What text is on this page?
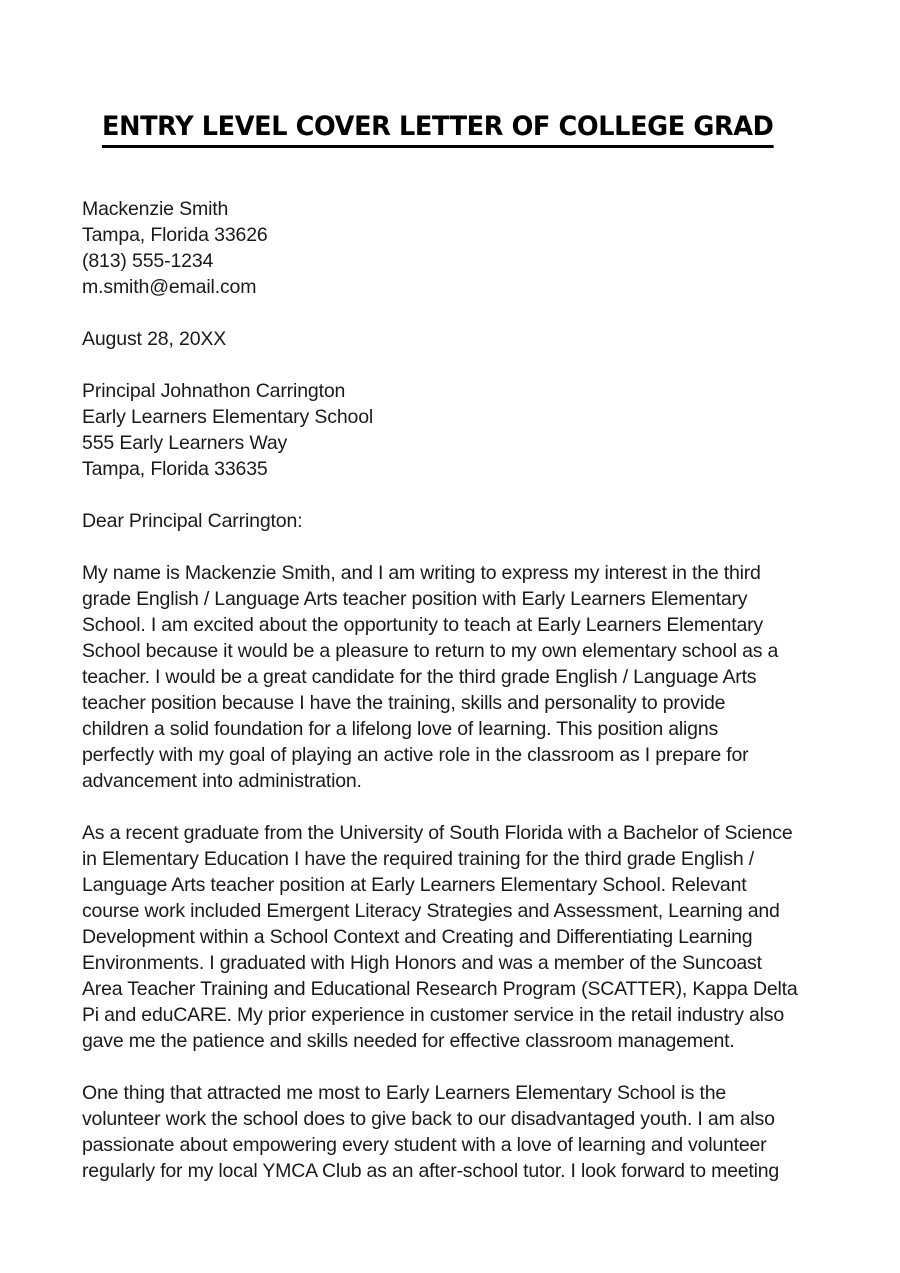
ENTRY LEVEL COVER LETTER OF COLLEGE GRAD
Mackenzie Smith
Tampa, Florida 33626
(813) 555-1234
m.smith@email.com
August 28, 20XX
Principal Johnathon Carrington
Early Learners Elementary School
555 Early Learners Way
Tampa, Florida 33635
Dear Principal Carrington:

My name is Mackenzie Smith, and I am writing to express my interest in the third
grade English / Language Arts teacher position with Early Learners Elementary
School. I am excited about the opportunity to teach at Early Learners Elementary
School because it would be a pleasure to return to my own elementary school as a
teacher. I would be a great candidate for the third grade English / Language Arts
teacher position because I have the training, skills and personality to provide
children a solid foundation for a lifelong love of learning. This position aligns
perfectly with my goal of playing an active role in the classroom as I prepare for
advancement into administration.

As a recent graduate from the University of South Florida with a Bachelor of Science
in Elementary Education I have the required training for the third grade English /
Language Arts teacher position at Early Learners Elementary School. Relevant
course work included Emergent Literacy Strategies and Assessment, Learning and
Development within a School Context and Creating and Differentiating Learning
Environments. I graduated with High Honors and was a member of the Suncoast
Area Teacher Training and Educational Research Program (SCATTER), Kappa Delta
Pi and eduCARE. My prior experience in customer service in the retail industry also
gave me the patience and skills needed for effective classroom management.

One thing that attracted me most to Early Learners Elementary School is the
volunteer work the school does to give back to our disadvantaged youth. I am also
passionate about empowering every student with a love of learning and volunteer
regularly for my local YMCA Club as an after-school tutor. I look forward to meeting
